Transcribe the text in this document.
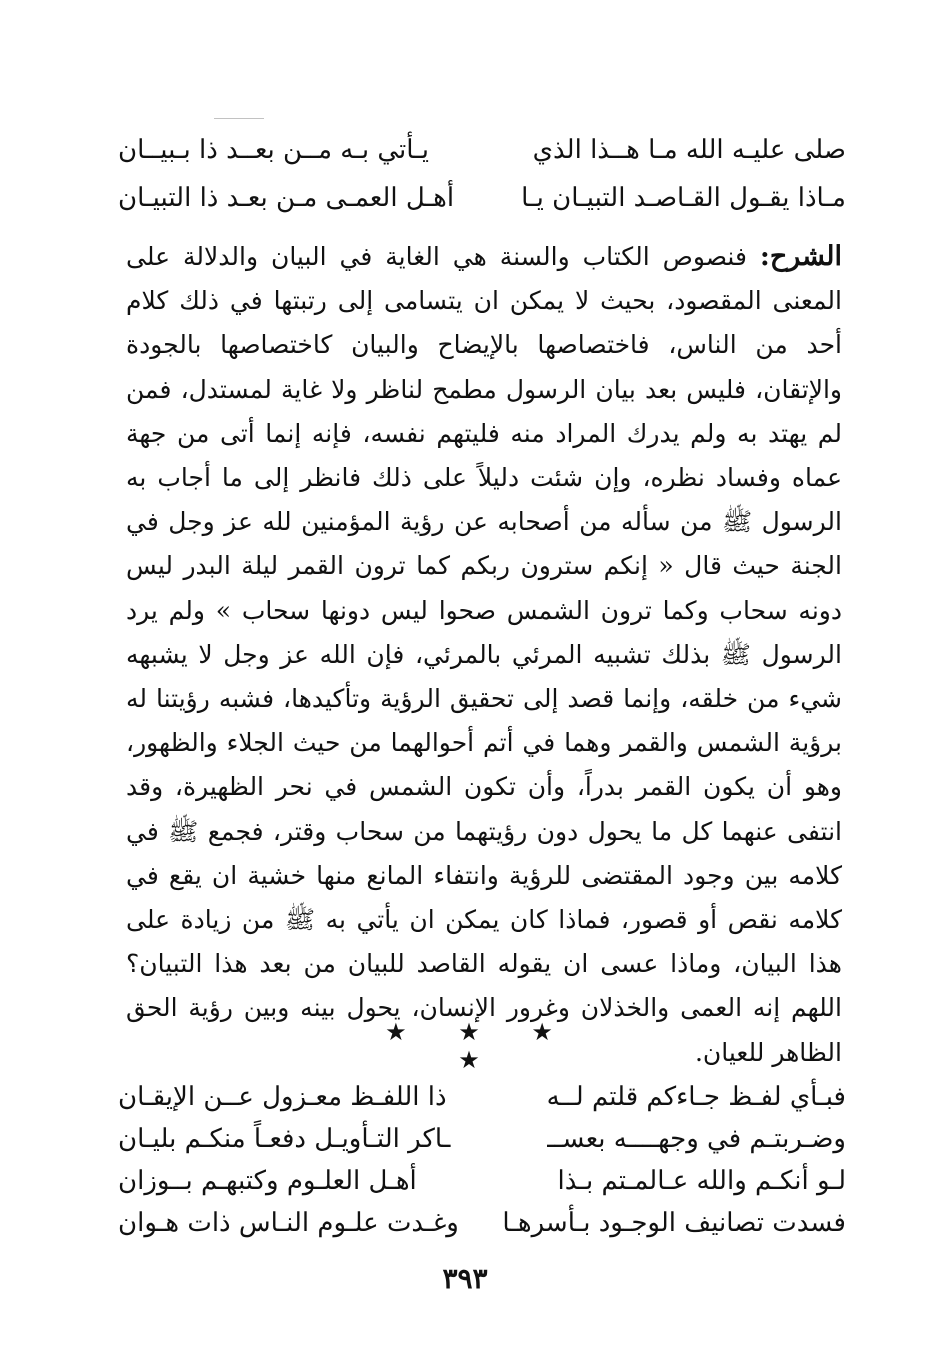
صلى عليـه الله مـا هــذا الذي
يـأتي بـه مــن بعــد ذا بـبيــان
مـاذا يقـول القـاصـد التبيـان يـا
أهـل العمـى مـن بعـد ذا التبيـان
الشرح: فنصوص الكتاب والسنة هي الغاية في البيان والدلالة على المعنى المقصود، بحيث لا يمكن ان يتسامى إلى رتبتها في ذلك كلام أحد من الناس، فاختصاصها بالإيضاح والبيان كاختصاصها بالجودة والإتقان، فليس بعد بيان الرسول مطمح لناظر ولا غاية لمستدل، فمن لم يهتد به ولم يدرك المراد منه فليتهم نفسه، فإنه إنما أتى من جهة عماه وفساد نظره، وإن شئت دليلاً على ذلك فانظر إلى ما أجاب به الرسول ﷺ من سأله من أصحابه عن رؤية المؤمنين لله عز وجل في الجنة حيث قال « إنكم سترون ربكم كما ترون القمر ليلة البدر ليس دونه سحاب وكما ترون الشمس صحوا ليس دونها سحاب » ولم يرد الرسول ﷺ بذلك تشبيه المرئي بالمرئي، فإن الله عز وجل لا يشبهه شيء من خلقه، وإنما قصد إلى تحقيق الرؤية وتأكيدها، فشبه رؤيتنا له برؤية الشمس والقمر وهما في أتم أحوالهما من حيث الجلاء والظهور، وهو أن يكون القمر بدراً، وأن تكون الشمس في نحر الظهيرة، وقد انتفى عنهما كل ما يحول دون رؤيتهما من سحاب وقتر، فجمع ﷺ في كلامه بين وجود المقتضى للرؤية وانتفاء المانع منها خشية ان يقع في كلامه نقص أو قصور، فماذا كان يمكن ان يأتي به ﷺ من زيادة على هذا البيان، وماذا عسى ان يقوله القاصد للبيان من بعد هذا التبيان؟ اللهم إنه العمى والخذلان وغرور الإنسان، يحول بينه وبين رؤية الحق الظاهر للعيان.
★ ★ ★ ★
فبـأي لفـظ جـاءكم قلتم لــه
ذا اللفـظ معـزول عــن الإيقـان
وضـربتـم في وجهــــه بعســ
ـاكر التـأويـل دفعـاً منكـم بليـان
لـو أنكـم والله عـالمـتم بـذا
أهـل العلـوم وكتبهـم بــوزان
فسدت تصانيف الوجـود بـأسرهـا
وغـدت علـوم النـاس ذات هـوان
٣٩٣
